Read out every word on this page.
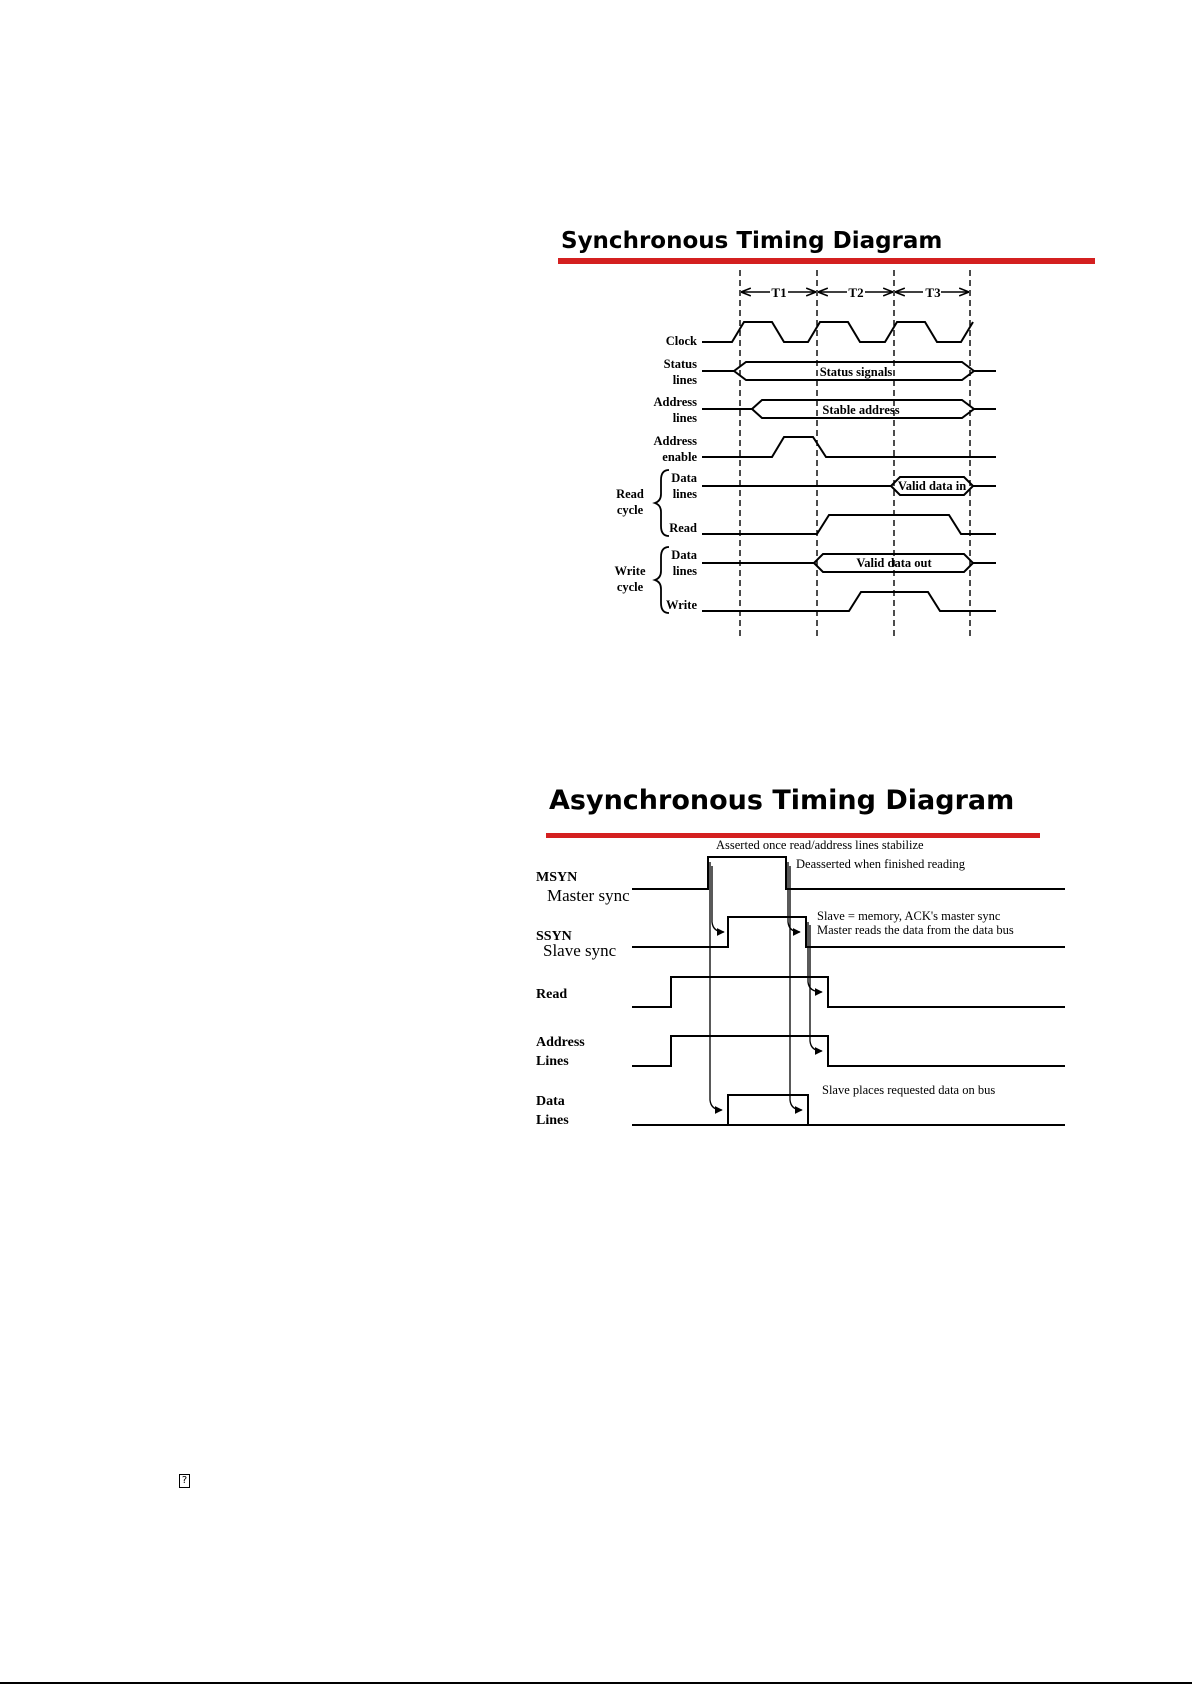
Synchronous Timing Diagram
T1	T2	T3
Clock
Status
lines
Address
lines
Address
enable
Data
lines
Read
Data
lines
Write
Read
cycle
Write
cycle
Status signals
Stable address
Valid data in
Valid data out
Asynchronous Timing Diagram
MSYN
SSYN
Read
Address
Lines
Data
Lines
Master sync
Slave sync
Asserted once read/address lines stabilize
Deasserted when finished reading
Slave = memory, ACK's master sync
Master reads the data from the data bus
Slave places requested data on bus
?
